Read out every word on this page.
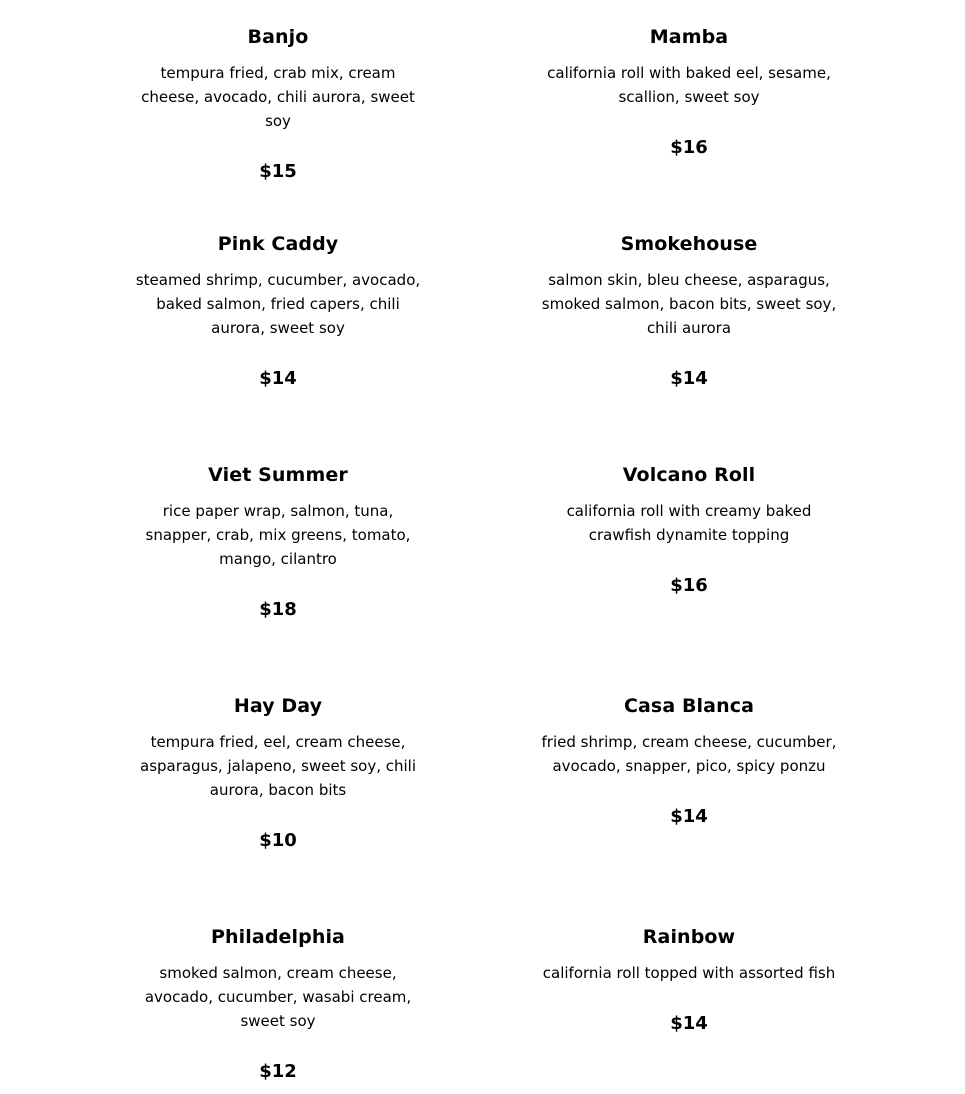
Banjo
tempura fried, crab mix, cream cheese, avocado, chili aurora, sweet soy
$15
Mamba
california roll with baked eel, sesame, scallion, sweet soy
$16
Pink Caddy
steamed shrimp, cucumber, avocado, baked salmon, fried capers, chili aurora, sweet soy
$14
Smokehouse
salmon skin, bleu cheese, asparagus, smoked salmon, bacon bits, sweet soy, chili aurora
$14
Viet Summer
rice paper wrap, salmon, tuna, snapper, crab, mix greens, tomato, mango, cilantro
$18
Volcano Roll
california roll with creamy baked crawfish dynamite topping
$16
Hay Day
tempura fried, eel, cream cheese, asparagus, jalapeno, sweet soy, chili aurora, bacon bits
$10
Casa Blanca
fried shrimp, cream cheese, cucumber, avocado, snapper, pico, spicy ponzu
$14
Philadelphia
smoked salmon, cream cheese, avocado, cucumber, wasabi cream, sweet soy
$12
Rainbow
california roll topped with assorted fish
$14
